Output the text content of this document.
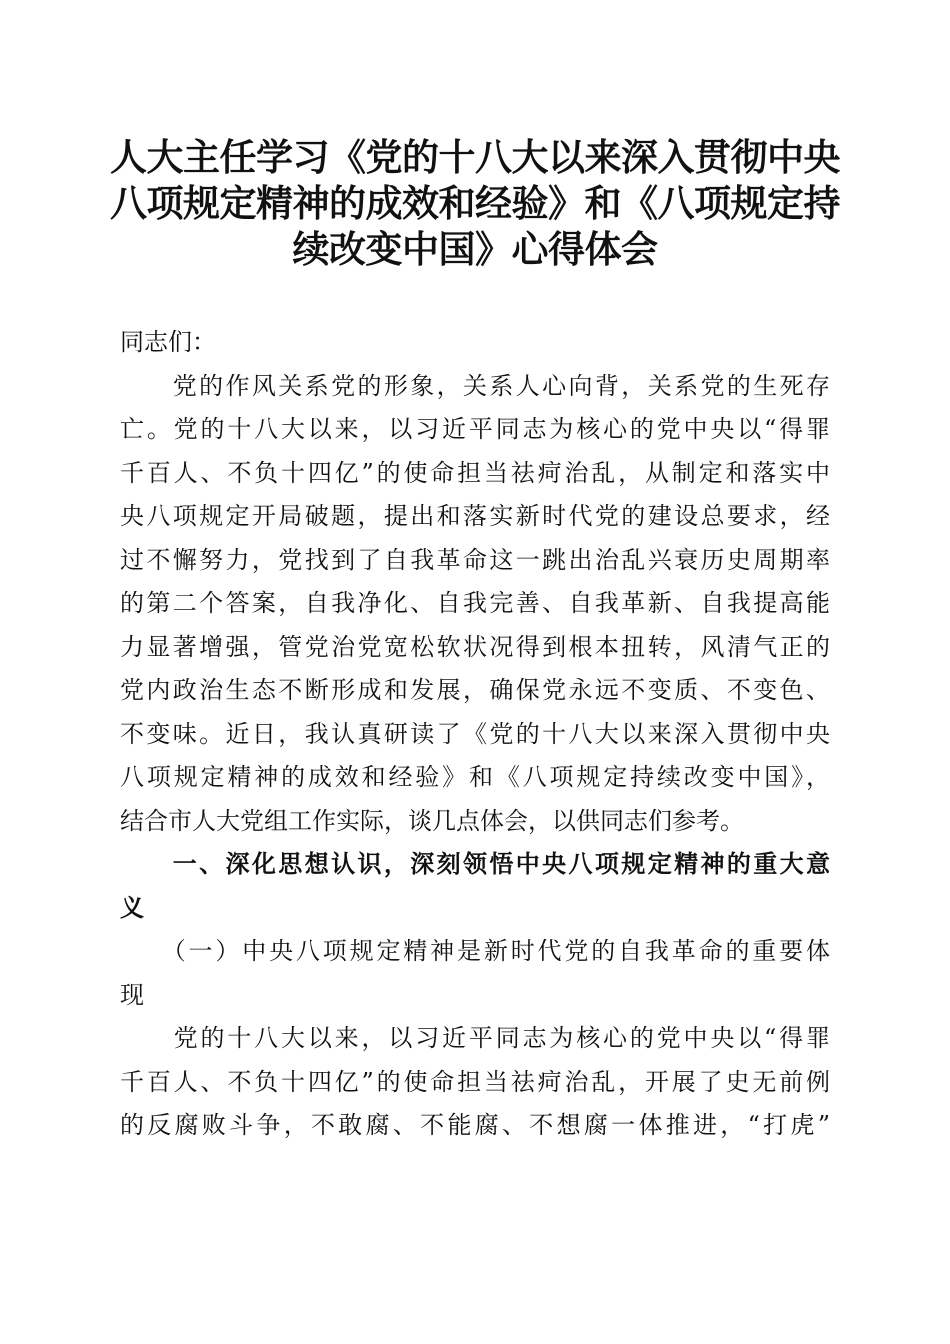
人大主任学习《党的十八大以来深入贯彻中央
八项规定精神的成效和经验》和《八项规定持
续改变中国》心得体会
同志们：
　　党的作风关系党的形象，关系人心向背，关系党的生死存
亡。党的十八大以来，以习近平同志为核心的党中央以“得罪
千百人、不负十四亿”的使命担当祛疴治乱，从制定和落实中
央八项规定开局破题，提出和落实新时代党的建设总要求，经
过不懈努力，党找到了自我革命这一跳出治乱兴衰历史周期率
的第二个答案，自我净化、自我完善、自我革新、自我提高能
力显著增强，管党治党宽松软状况得到根本扭转，风清气正的
党内政治生态不断形成和发展，确保党永远不变质、不变色、
不变味。近日，我认真研读了《党的十八大以来深入贯彻中央
八项规定精神的成效和经验》和《八项规定持续改变中国》，
结合市人大党组工作实际，谈几点体会，以供同志们参考。
　　一、深化思想认识，深刻领悟中央八项规定精神的重大意
义
　　（一）中央八项规定精神是新时代党的自我革命的重要体
现
　　党的十八大以来，以习近平同志为核心的党中央以“得罪
千百人、不负十四亿”的使命担当祛疴治乱，开展了史无前例
的反腐败斗争，不敢腐、不能腐、不想腐一体推进，“打虎”
